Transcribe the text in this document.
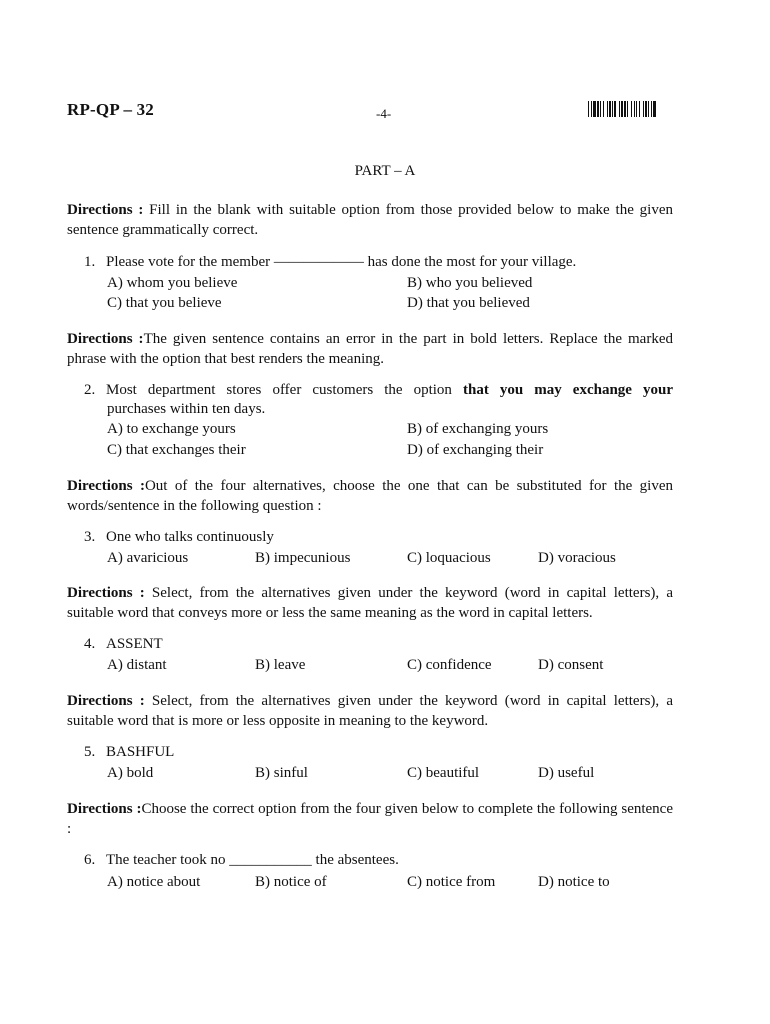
RP-QP – 32	-4-
PART – A
Directions : Fill in the blank with suitable option from those provided below to make the given sentence grammatically correct.
1. Please vote for the member —————— has done the most for your village.
A) whom you believe	B) who you believed
C) that you believe	D) that you believed
Directions :The given sentence contains an error in the part in bold letters. Replace the marked phrase with the option that best renders the meaning.
2. Most department stores offer customers the option that you may exchange your
purchases within ten days.
A) to exchange yours	B) of exchanging yours
C) that exchanges their	D) of exchanging their
Directions :Out of the four alternatives, choose the one that can be substituted for the given words/sentence in the following question :
3. One who talks continuously
A) avaricious	B) impecunious	C) loquacious	D) voracious
Directions : Select, from the alternatives given under the keyword (word in capital letters), a suitable word that conveys more or less the same meaning as the word in capital letters.
4. ASSENT
A) distant	B) leave	C) confidence	D) consent
Directions : Select, from the alternatives given under the keyword (word in capital letters), a suitable word that is more or less opposite in meaning to the keyword.
5. BASHFUL
A) bold	B) sinful	C) beautiful	D) useful
Directions :Choose the correct option from the four given below to complete the following sentence :
6. The teacher took no ___________ the absentees.
A) notice about	B) notice of	C) notice from	D) notice to
